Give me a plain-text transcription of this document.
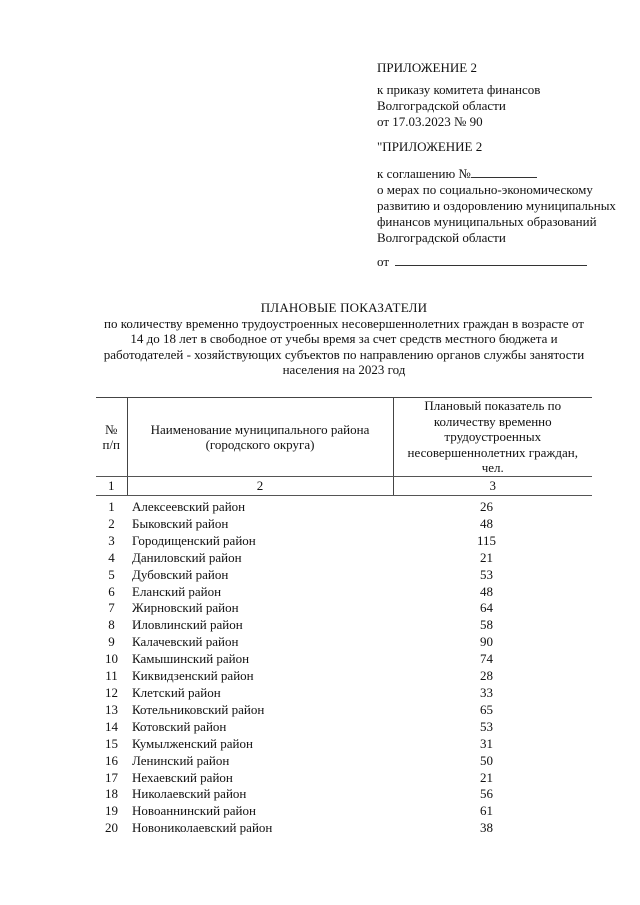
ПРИЛОЖЕНИЕ 2
к приказу комитета финансов
Волгоградской области
от 17.03.2023 № 90
"ПРИЛОЖЕНИЕ 2
к соглашению №
о мерах по социально-экономическому
развитию и оздоровлению муниципальных
финансов муниципальных образований
Волгоградской области
от
ПЛАНОВЫЕ ПОКАЗАТЕЛИ
по количеству временно трудоустроенных несовершеннолетних граждан в возрасте от
14 до 18 лет в свободное от учебы время за счет средств местного бюджета и
работодателей - хозяйствующих субъектов по направлению органов службы занятости
населения на 2023 год
№
п/п

Наименование муниципального района
(городского округа)

Плановый показатель по
количеству временно
трудоустроенных
несовершеннолетних граждан,
чел.

1	2	3
1	Алексеевский район	26
2	Быковский район	48
3	Городищенский район	115
4	Даниловский район	21
5	Дубовский район	53
6	Еланский район	48
7	Жирновский район	64
8	Иловлинский район	58
9	Калачевский район	90
10	Камышинский район	74
11	Киквидзенский район	28
12	Клетский район	33
13	Котельниковский район	65
14	Котовский район	53
15	Кумылженский район	31
16	Ленинский район	50
17	Нехаевский район	21
18	Николаевский район	56
19	Новоаннинский район	61
20	Новониколаевский район	38
